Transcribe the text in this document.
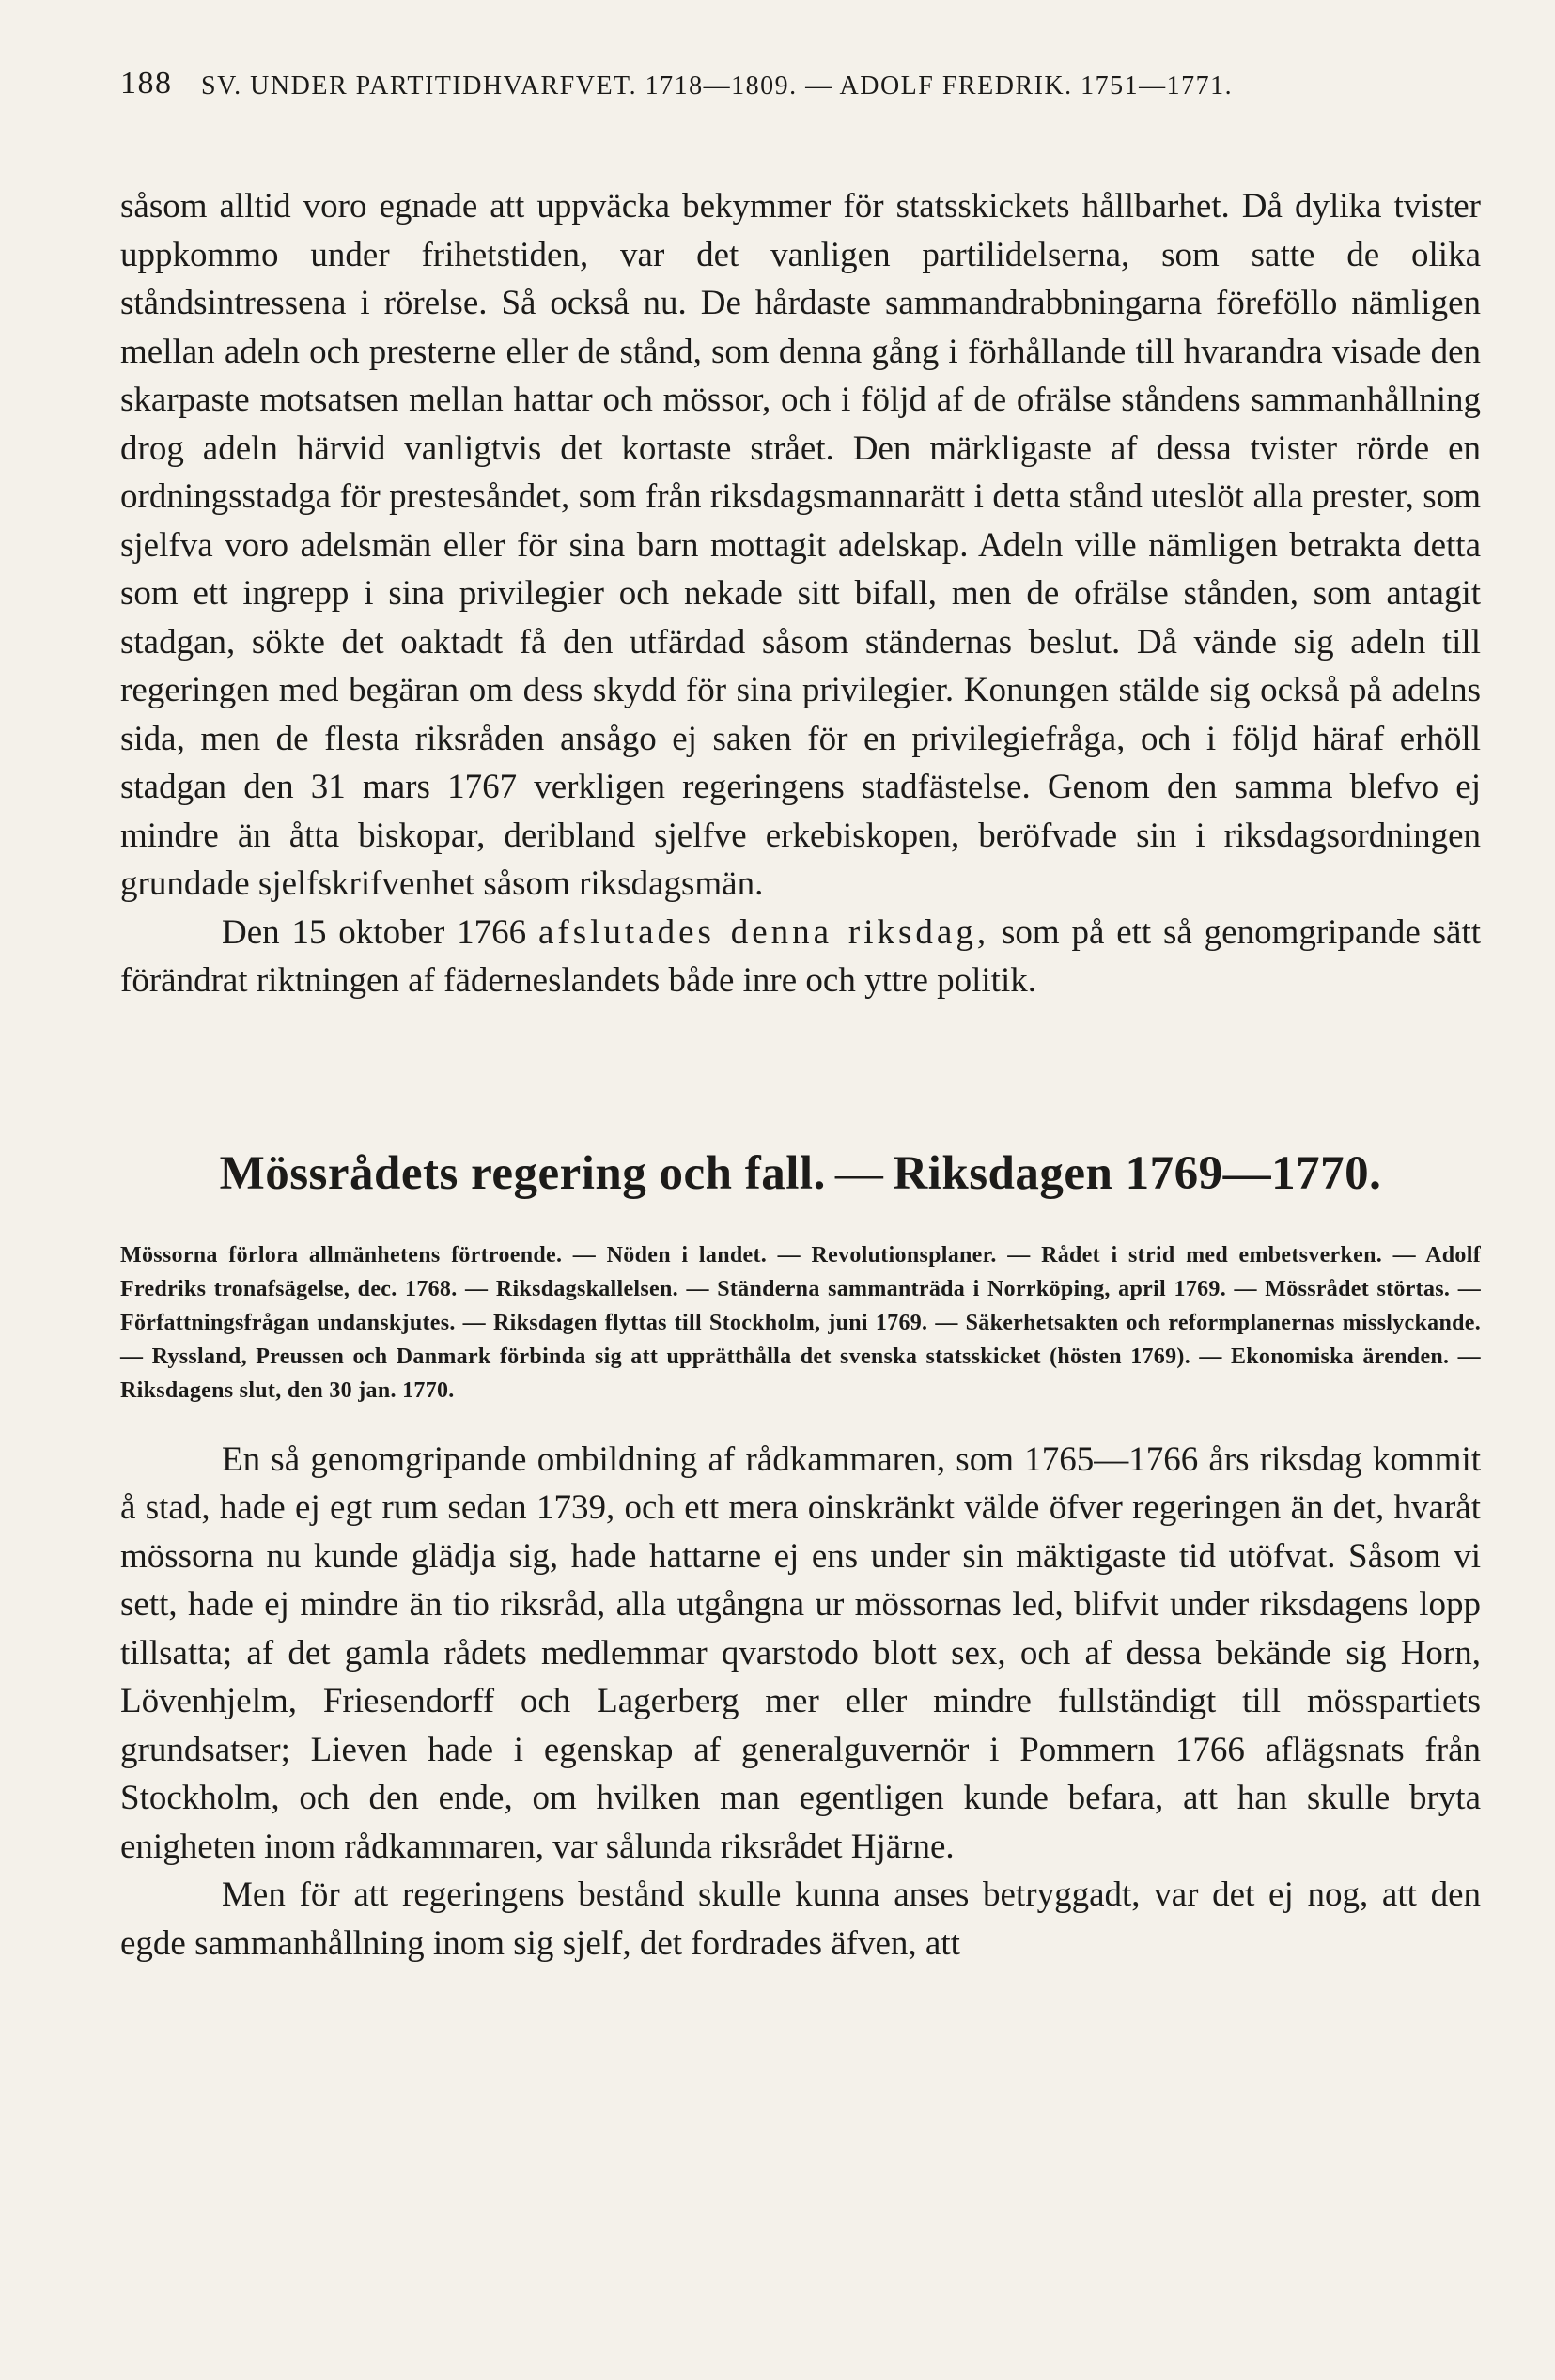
188 SV. UNDER PARTITIDHVARFVET. 1718—1809. — ADOLF FREDRIK. 1751—1771.

såsom alltid voro egnade att uppväcka bekymmer för statsskickets hållbarhet. Då dylika tvister uppkommo under frihetstiden, var det vanligen partilidelserna, som satte de olika ståndsintressena i rörelse. Så också nu. De hårdaste sammandrabbningarna föreföllo nämligen mellan adeln och presterne eller de stånd, som denna gång i förhållande till hvarandra visade den skarpaste motsatsen mellan hattar och mössor, och i följd af de ofrälse ståndens sammanhållning drog adeln härvid vanligtvis det kortaste strået. Den märkligaste af dessa tvister rörde en ordningsstadga för prestesåndet, som från riksdagsmannarätt i detta stånd uteslöt alla prester, som sjelfva voro adelsmän eller för sina barn mottagit adelskap. Adeln ville nämligen betrakta detta som ett ingrepp i sina privilegier och nekade sitt bifall, men de ofrälse stånden, som antagit stadgan, sökte det oaktadt få den utfärdad såsom ständernas beslut. Då vände sig adeln till regeringen med begäran om dess skydd för sina privilegier. Konungen stälde sig också på adelns sida, men de flesta riksråden ansågo ej saken för en privilegiefråga, och i följd häraf erhöll stadgan den 31 mars 1767 verkligen regeringens stadfästelse. Genom den samma blefvo ej mindre än åtta biskopar, deribland sjelfve erkebiskopen, beröfvade sin i riksdagsordningen grundade sjelfskrifvenhet såsom riksdagsmän.

Den 15 oktober 1766 afslutades denna riksdag, som på ett så genomgripande sätt förändrat riktningen af fäderneslandets både inre och yttre politik.

Mössrådets regering och fall. — Riksdagen 1769—1770.
Mössorna förlora allmänhetens förtroende. — Nöden i landet. — Revolutionsplaner. — Rådet i strid med embetsverken. — Adolf Fredriks tronafsägelse, dec. 1768. — Riksdagskallelsen. — Ständerna sammanträda i Norrköping, april 1769. — Mössrådet störtas. — Författningsfrågan undanskjutes. — Riksdagen flyttas till Stockholm, juni 1769. — Säkerhetsakten och reformplanernas misslyckande. — Ryssland, Preussen och Danmark förbinda sig att upprätthålla det svenska statsskicket (hösten 1769). — Ekonomiska ärenden. — Riksdagens slut, den 30 jan. 1770.

En så genomgripande ombildning af rådkammaren, som 1765—1766 års riksdag kommit å stad, hade ej egt rum sedan 1739, och ett mera oinskränkt välde öfver regeringen än det, hvaråt mössorna nu kunde glädja sig, hade hattarne ej ens under sin mäktigaste tid utöfvat. Såsom vi sett, hade ej mindre än tio riksråd, alla utgångna ur mössornas led, blifvit under riksdagens lopp tillsatta; af det gamla rådets medlemmar qvarstodo blott sex, och af dessa bekände sig Horn, Lövenhjelm, Friesendorff och Lagerberg mer eller mindre fullständigt till mösspartiets grundsatser; Lieven hade i egenskap af generalguvernör i Pommern 1766 aflägsnats från Stockholm, och den ende, om hvilken man egentligen kunde befara, att han skulle bryta enigheten inom rådkammaren, var sålunda riksrådet Hjärne.

Men för att regeringens bestånd skulle kunna anses betryggadt, var det ej nog, att den egde sammanhållning inom sig sjelf, det fordrades äfven, att
